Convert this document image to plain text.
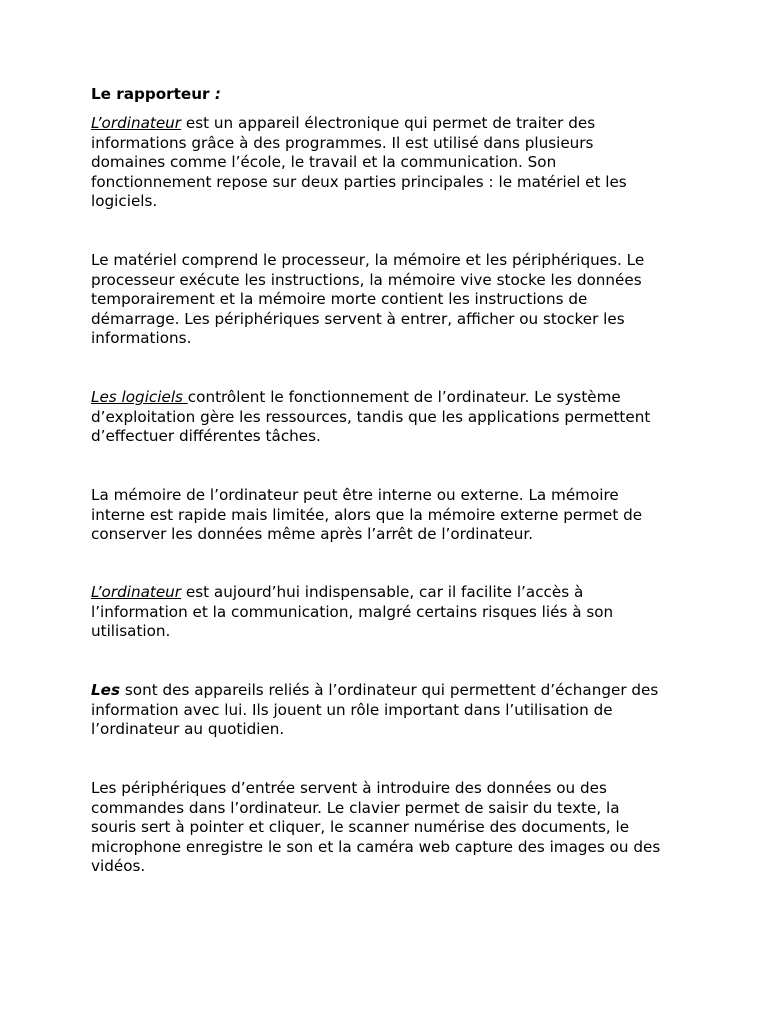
Le rapporteur :

L’ordinateur est un appareil électronique qui permet de traiter des
informations grâce à des programmes. Il est utilisé dans plusieurs
domaines comme l’école, le travail et la communication. Son
fonctionnement repose sur deux parties principales : le matériel et les
logiciels.

Le matériel comprend le processeur, la mémoire et les périphériques. Le
processeur exécute les instructions, la mémoire vive stocke les données
temporairement et la mémoire morte contient les instructions de
démarrage. Les périphériques servent à entrer, afficher ou stocker les
informations.

Les logiciels contrôlent le fonctionnement de l’ordinateur. Le système
d’exploitation gère les ressources, tandis que les applications permettent
d’effectuer différentes tâches.

La mémoire de l’ordinateur peut être interne ou externe. La mémoire
interne est rapide mais limitée, alors que la mémoire externe permet de
conserver les données même après l’arrêt de l’ordinateur.

L’ordinateur est aujourd’hui indispensable, car il facilite l’accès à
l’information et la communication, malgré certains risques liés à son
utilisation.

Les sont des appareils reliés à l’ordinateur qui permettent d’échanger des
information avec lui. Ils jouent un rôle important dans l’utilisation de
l’ordinateur au quotidien.

Les périphériques d’entrée servent à introduire des données ou des
commandes dans l’ordinateur. Le clavier permet de saisir du texte, la
souris sert à pointer et cliquer, le scanner numérise des documents, le
microphone enregistre le son et la caméra web capture des images ou des
vidéos.
